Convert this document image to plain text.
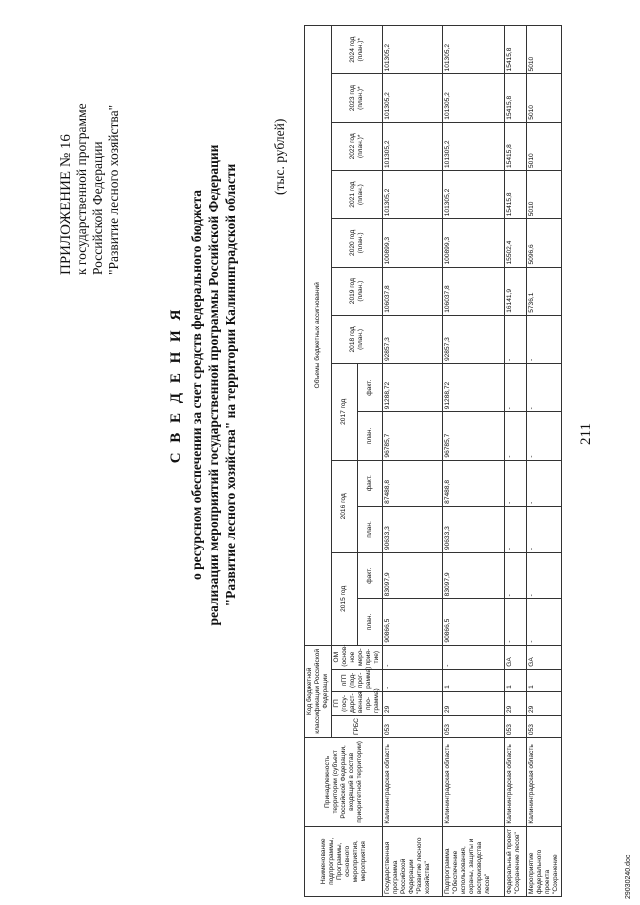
211
ПРИЛОЖЕНИЕ № 16 к государственной программе Российской Федерации "Развитие лесного хозяйства"
С В Е Д Е Н И Я о ресурсном обеспечении за счет средств федерального бюджета реализации мероприятий государственной программы Российской Федерации "Развитие лесного хозяйства" на территории Калининградской области
(тыс. рублей)
Наименование подпрограммы, Программы, основного мероприятия, мероприятия	Принадлежность территории (субъект Российской Федерации, входящий в состав приоритетной территории)	Код бюджетной классификации Российской Федерации				Объемы бюджетных ассигнований												
		ГРБС	ГП (госу-дарст-венная про-грамма)	пГП (под-прог-рамма)	ОМ (основ-ное меро-прия-тие)	2015 год		2016 год		2017 год		2018 год (план.)	2019 год (план.)	2020 год (план.)	2021 год (план.)	2022 год (план.)*	2023 год (план.)*	2024 год (план.)*
						план.	факт.	план.	факт.	план.	факт.							
Государственная программа Российской Федерации "Развитие лесного хозяйства"	Калининградская область	053	29	-	-	90866,5	83097,9	90633,3	87488,8	96785,7	91288,72	92857,3	106037,8	100899,3	101305,2	101305,2	101305,2	101305,2
Подпрограмма "Обеспечение использования, охраны, защиты и воспроизводства лесов"	Калининградская область	053	29	1	-	90866,5	83097,9	90633,3	87488,8	96785,7	91288,72	92857,3	106037,8	100899,3	101305,2	101305,2	101305,2	101305,2
Федеральный проект "Сохранение лесов"	Калининградская область	053	29	1	GA	-	-	-	-	-	-	-	16141,9	15502,4	15415,8	15415,8	15415,8	15415,8
Мероприятие федерального проекта "Сохранение	Калининградская область	053	29	1	GA	-	-	-	-	-	-	-	5736,1	5096,6	5010	5010	5010	5010
29030240.doc
